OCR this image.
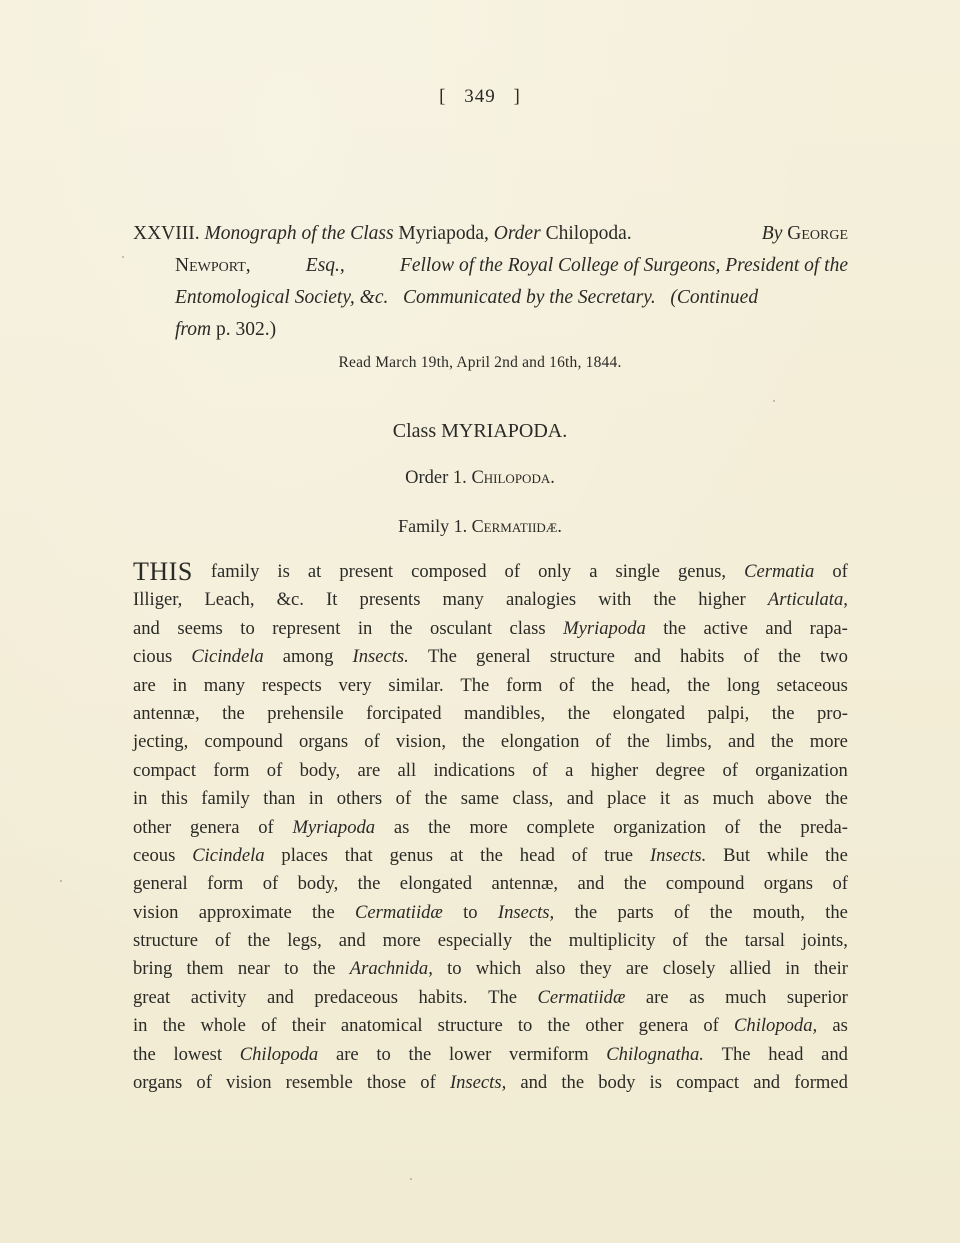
[ 349 ]
XXVIII. Monograph of the Class Myriapoda, Order Chilopoda.	By George
Newport,	Esq.,	Fellow of the Royal College of Surgeons, President of the
Entomological Society, &c. Communicated by the Secretary. (Continued
from p. 302.)
Read March 19th, April 2nd and 16th, 1844.
Class MYRIAPODA.
Order 1. Chilopoda.
Family 1. Cermatiidæ.
THIS family is at present composed of only a single genus, Cermatia of
Illiger, Leach, &c. It presents many analogies with the higher Articulata,
and seems to represent in the osculant class Myriapoda the active and rapa-
cious Cicindela among Insects. The general structure and habits of the two
are in many respects very similar. The form of the head, the long setaceous
antennæ, the prehensile forcipated mandibles, the elongated palpi, the pro-
jecting, compound organs of vision, the elongation of the limbs, and the more
compact form of body, are all indications of a higher degree of organization
in this family than in others of the same class, and place it as much above the
other genera of Myriapoda as the more complete organization of the preda-
ceous Cicindela places that genus at the head of true Insects. But while the
general form of body, the elongated antennæ, and the compound organs of
vision approximate the Cermatiidæ to Insects, the parts of the mouth, the
structure of the legs, and more especially the multiplicity of the tarsal joints,
bring them near to the Arachnida, to which also they are closely allied in their
great activity and predaceous habits. The Cermatiidæ are as much superior
in the whole of their anatomical structure to the other genera of Chilopoda, as
the lowest Chilopoda are to the lower vermiform Chilognatha. The head and
organs of vision resemble those of Insects, and the body is compact and formed
